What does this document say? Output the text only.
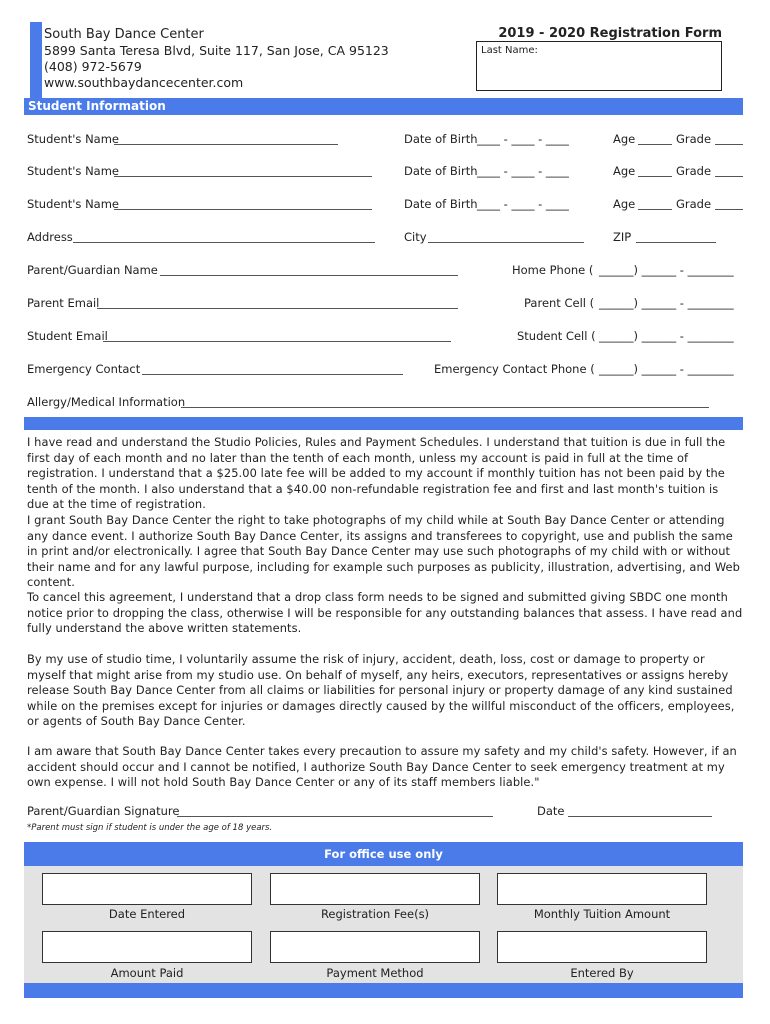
South Bay Dance Center
5899 Santa Teresa Blvd, Suite 117, San Jose, CA 95123
(408) 972-5679
www.southbaydancecenter.com
2019 - 2020 Registration Form
Last Name:
Student Information
Student's Name	Date of Birth ____ - ____ - ____	Age	Grade
Student's Name	Date of Birth ____ - ____ - ____	Age	Grade
Student's Name	Date of Birth ____ - ____ - ____	Age	Grade
Address	City	ZIP
Parent/Guardian Name	Home Phone ( ______) ______ - ________
Parent Email	Parent Cell ( ______) ______ - ________
Student Email	Student Cell ( ______) ______ - ________
Emergency Contact	Emergency Contact Phone ( ______) ______ - ________
Allergy/Medical Information
I have read and understand the Studio Policies, Rules and Payment Schedules. I understand that tuition is due in full the first day of each month and no later than the tenth of each month, unless my account is paid in full at the time of registration. I understand that a $25.00 late fee will be added to my account if monthly tuition has not been paid by the tenth of the month. I also understand that a $40.00 non-refundable registration fee and first and last month's tuition is due at the time of registration.
I grant South Bay Dance Center the right to take photographs of my child while at South Bay Dance Center or attending any dance event. I authorize South Bay Dance Center, its assigns and transferees to copyright, use and publish the same in print and/or electronically. I agree that South Bay Dance Center may use such photographs of my child with or without their name and for any lawful purpose, including for example such purposes as publicity, illustration, advertising, and Web content.
To cancel this agreement, I understand that a drop class form needs to be signed and submitted giving SBDC one month notice prior to dropping the class, otherwise I will be responsible for any outstanding balances that assess. I have read and fully understand the above written statements.
By my use of studio time, I voluntarily assume the risk of injury, accident, death, loss, cost or damage to property or myself that might arise from my studio use. On behalf of myself, any heirs, executors, representatives or assigns hereby release South Bay Dance Center from all claims or liabilities for personal injury or property damage of any kind sustained while on the premises except for injuries or damages directly caused by the willful misconduct of the officers, employees, or agents of South Bay Dance Center.
I am aware that South Bay Dance Center takes every precaution to assure my safety and my child's safety. However, if an accident should occur and I cannot be notified, I authorize South Bay Dance Center to seek emergency treatment at my own expense. I will not hold South Bay Dance Center or any of its staff members liable."
Parent/Guardian Signature	Date
*Parent must sign if student is under the age of 18 years.
For office use only
Date Entered	Registration Fee(s)	Monthly Tuition Amount
Amount Paid	Payment Method	Entered By
